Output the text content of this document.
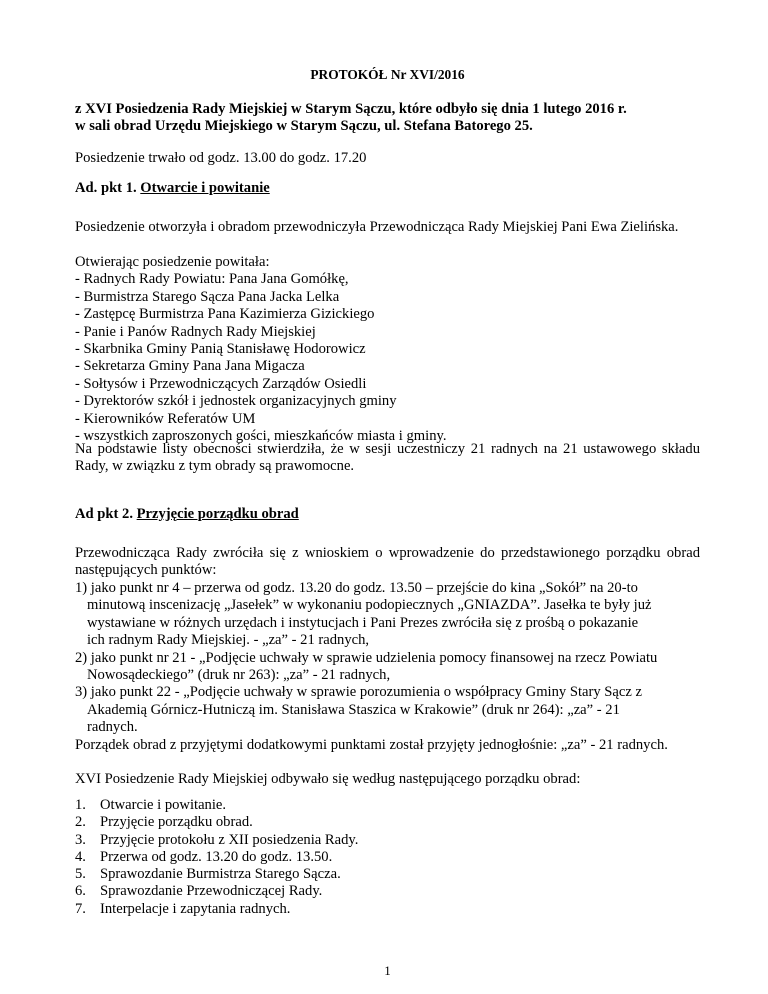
PROTOKÓŁ Nr XVI/2016
z XVI Posiedzenia Rady Miejskiej w Starym Sączu, które odbyło się dnia 1 lutego 2016 r.
w sali obrad Urzędu Miejskiego w Starym Sączu, ul. Stefana Batorego 25.
Posiedzenie trwało od godz. 13.00 do godz. 17.20
Ad. pkt 1. Otwarcie i powitanie
Posiedzenie otworzyła i obradom przewodniczyła Przewodnicząca Rady Miejskiej Pani Ewa Zielińska.
Otwierając posiedzenie powitała:
- Radnych Rady Powiatu: Pana Jana Gomółkę,
- Burmistrza Starego Sącza Pana Jacka Lelka
- Zastępcę Burmistrza Pana Kazimierza Gizickiego
- Panie i Panów Radnych Rady Miejskiej
- Skarbnika Gminy Panią Stanisławę Hodorowicz
- Sekretarza Gminy Pana Jana Migacza
- Sołtysów i Przewodniczących Zarządów Osiedli
- Dyrektorów szkół i jednostek organizacyjnych gminy
- Kierowników Referatów UM
- wszystkich zaproszonych gości, mieszkańców miasta i gminy.
Na podstawie listy obecności stwierdziła, że w sesji uczestniczy 21 radnych na 21 ustawowego składu Rady, w związku z tym obrady są prawomocne.
Ad pkt 2. Przyjęcie porządku obrad
Przewodnicząca Rady zwróciła się z wnioskiem o wprowadzenie do przedstawionego porządku obrad następujących punktów:
1) jako punkt nr 4 – przerwa od godz. 13.20 do godz. 13.50 – przejście do kina „Sokół” na 20-to
minutową inscenizację „Jasełek” w wykonaniu podopiecznych „GNIAZDA”. Jasełka te były już
wystawiane w różnych urzędach i instytucjach i Pani Prezes zwróciła się z prośbą o pokazanie
ich radnym Rady Miejskiej. - „za” - 21 radnych,
2) jako punkt nr 21 - „Podjęcie uchwały w sprawie udzielenia pomocy finansowej na rzecz Powiatu
Nowosądeckiego” (druk nr 263): „za” - 21 radnych,
3) jako punkt 22 - „Podjęcie uchwały w sprawie porozumienia o współpracy Gminy Stary Sącz z
Akademią Górnicz-Hutniczą im. Stanisława Staszica w Krakowie” (druk nr 264): „za” - 21
radnych.
Porządek obrad z przyjętymi dodatkowymi punktami został przyjęty jednogłośnie: „za” - 21 radnych.
XVI Posiedzenie Rady Miejskiej odbywało się według następującego porządku obrad:
1. Otwarcie i powitanie.
2. Przyjęcie porządku obrad.
3. Przyjęcie protokołu z XII posiedzenia Rady.
4. Przerwa od godz. 13.20 do godz. 13.50.
5. Sprawozdanie Burmistrza Starego Sącza.
6. Sprawozdanie Przewodniczącej Rady.
7. Interpelacje i zapytania radnych.
1
